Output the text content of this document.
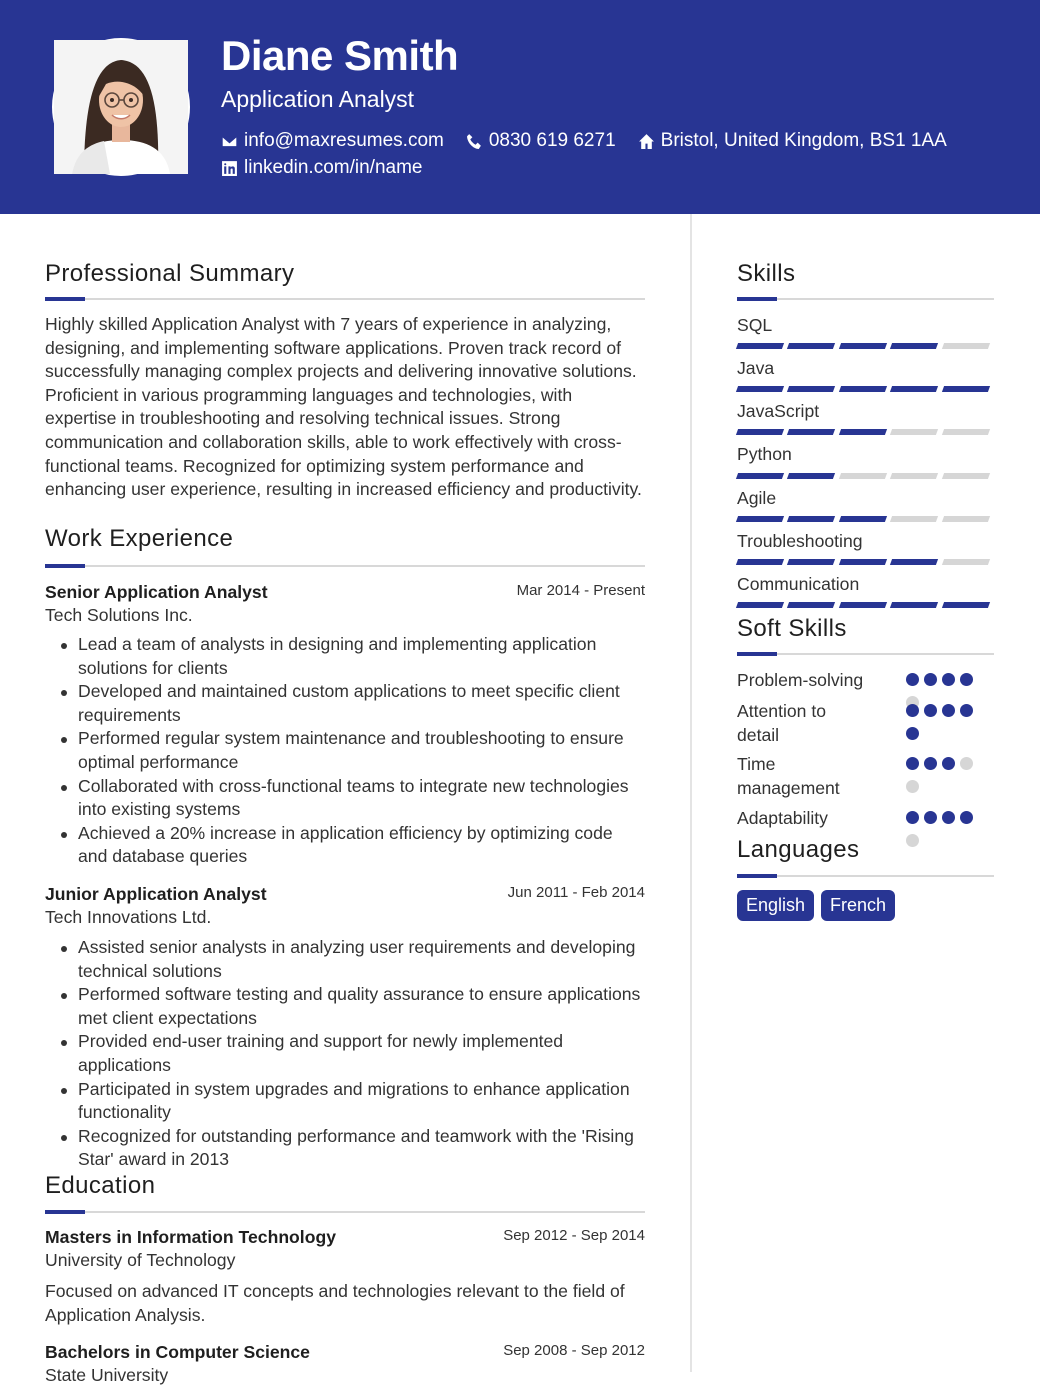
Diane Smith
Application Analyst
info@maxresumes.com 0830 619 6271 Bristol, United Kingdom, BS1 1AA
linkedin.com/in/name
Professional Summary
Highly skilled Application Analyst with 7 years of experience in analyzing, designing, and implementing software applications. Proven track record of successfully managing complex projects and delivering innovative solutions. Proficient in various programming languages and technologies, with expertise in troubleshooting and resolving technical issues. Strong communication and collaboration skills, able to work effectively with cross-functional teams. Recognized for optimizing system performance and enhancing user experience, resulting in increased efficiency and productivity.
Work Experience
Senior Application Analyst	Mar 2014 - Present
Tech Solutions Inc.
Lead a team of analysts in designing and implementing application solutions for clients
Developed and maintained custom applications to meet specific client requirements
Performed regular system maintenance and troubleshooting to ensure optimal performance
Collaborated with cross-functional teams to integrate new technologies into existing systems
Achieved a 20% increase in application efficiency by optimizing code and database queries
Junior Application Analyst	Jun 2011 - Feb 2014
Tech Innovations Ltd.
Assisted senior analysts in analyzing user requirements and developing technical solutions
Performed software testing and quality assurance to ensure applications met client expectations
Provided end-user training and support for newly implemented applications
Participated in system upgrades and migrations to enhance application functionality
Recognized for outstanding performance and teamwork with the 'Rising Star' award in 2013
Education
Masters in Information Technology	Sep 2012 - Sep 2014
University of Technology
Focused on advanced IT concepts and technologies relevant to the field of Application Analysis.
Bachelors in Computer Science	Sep 2008 - Sep 2012
State University
Skills
SQL
Java
JavaScript
Python
Agile
Troubleshooting
Communication
Soft Skills
Problem-solving
Attention to detail
Time management
Adaptability
Languages
English	French
